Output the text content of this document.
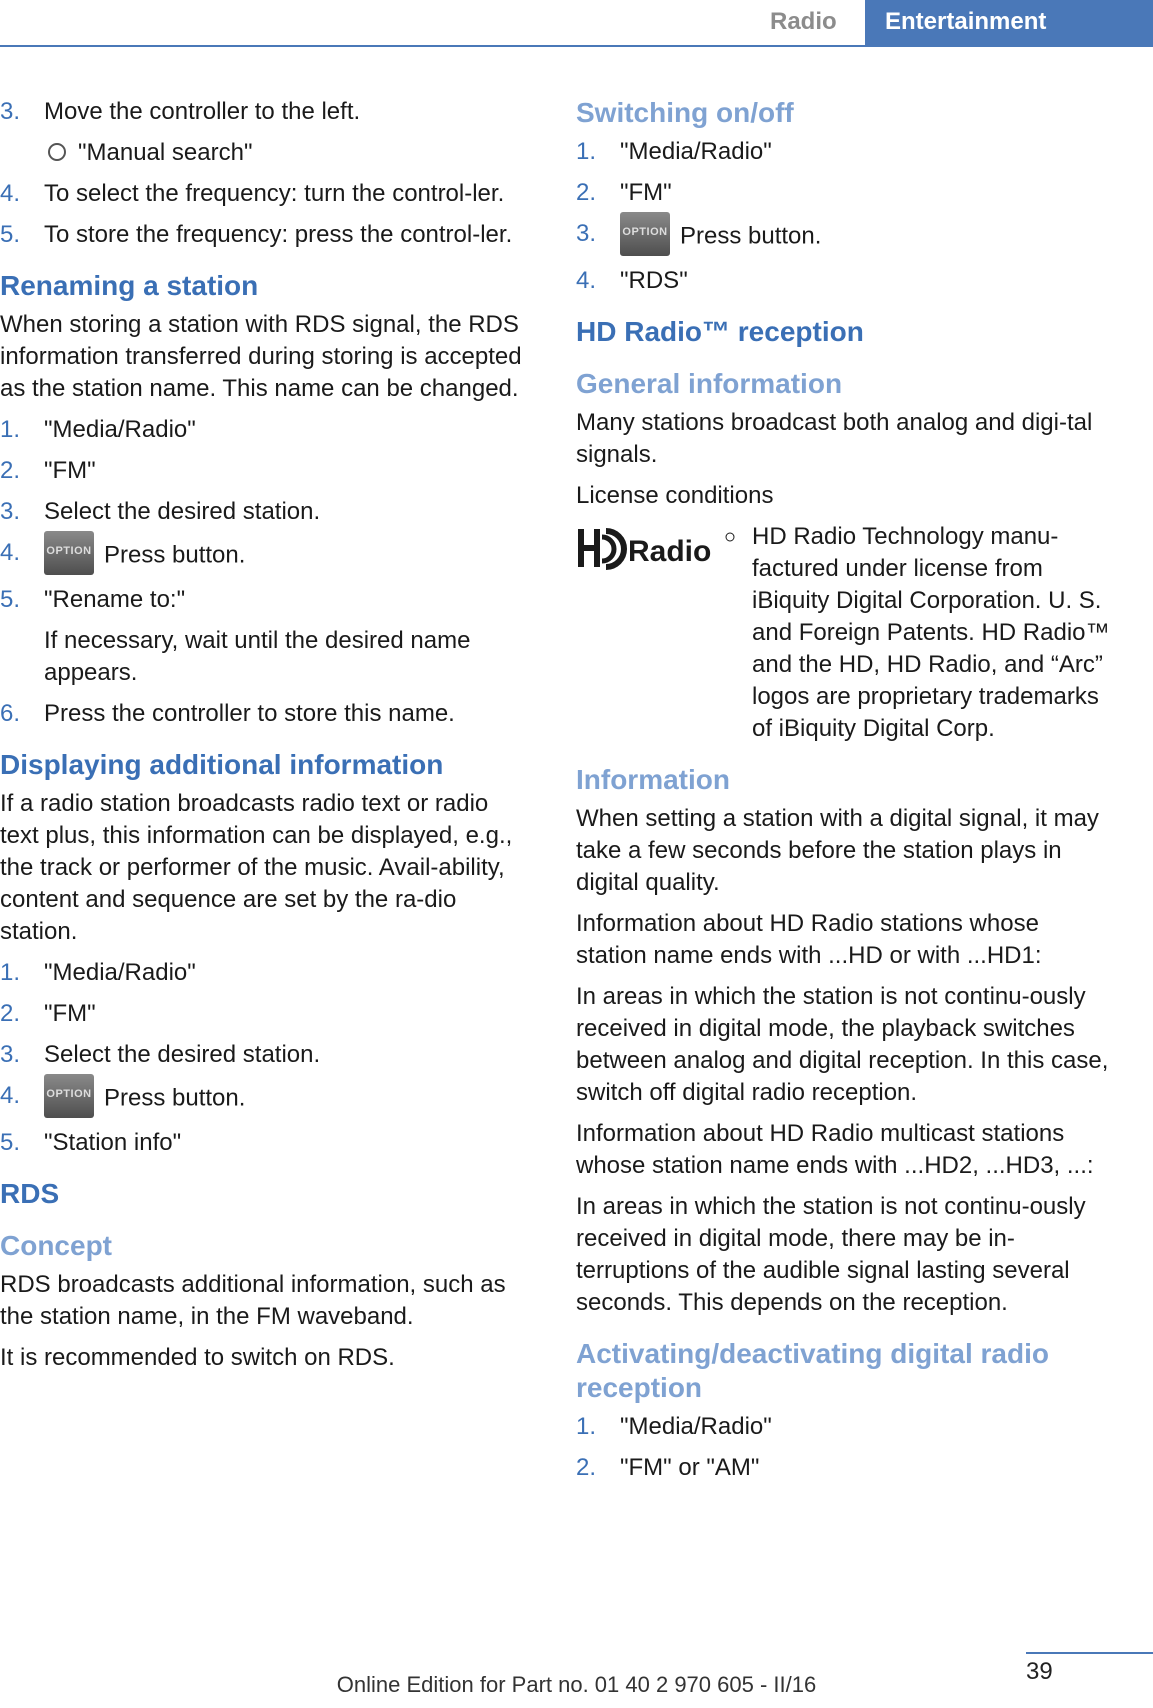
Radio	Entertainment
3. Move the controller to the left.
"Manual search"
4. To select the frequency: turn the control-ler.
5. To store the frequency: press the control-ler.
Renaming a station

When storing a station with RDS signal, the RDS information transferred during storing is accepted as the station name. This name can be changed.

1. "Media/Radio"
2. "FM"
3. Select the desired station.
4. OPTION Press button.
5. "Rename to:"
If necessary, wait until the desired name appears.
6. Press the controller to store this name.
Displaying additional information

If a radio station broadcasts radio text or radio text plus, this information can be displayed, e.g., the track or performer of the music. Avail-ability, content and sequence are set by the ra-dio station.

1. "Media/Radio"
2. "FM"
3. Select the desired station.
4. OPTION Press button.
5. "Station info"
RDS
Concept

RDS broadcasts additional information, such as the station name, in the FM waveband.

It is recommended to switch on RDS.

Switching on/off
1. "Media/Radio"
2. "FM"
3. OPTION Press button.
4. "RDS"
HD Radio™ reception
General information

Many stations broadcast both analog and digi-tal signals.

License conditions

Radio	HD Radio Technology manu-factured under license from iBiquity Digital Corporation. U. S. and Foreign Patents. HD Radio™ and the HD, HD Radio, and “Arc” logos are proprietary trademarks of iBiquity Digital Corp.

Information

When setting a station with a digital signal, it may take a few seconds before the station plays in digital quality.

Information about HD Radio stations whose station name ends with ...HD or with ...HD1:

In areas in which the station is not continu-ously received in digital mode, the playback switches between analog and digital reception. In this case, switch off digital radio reception.

Information about HD Radio multicast stations whose station name ends with ...HD2, ...HD3, ...:

In areas in which the station is not continu-ously received in digital mode, there may be in-terruptions of the audible signal lasting several seconds. This depends on the reception.

Activating/deactivating digital radio reception
1. "Media/Radio"
2. "FM" or "AM"
39
Online Edition for Part no. 01 40 2 970 605 - II/16
